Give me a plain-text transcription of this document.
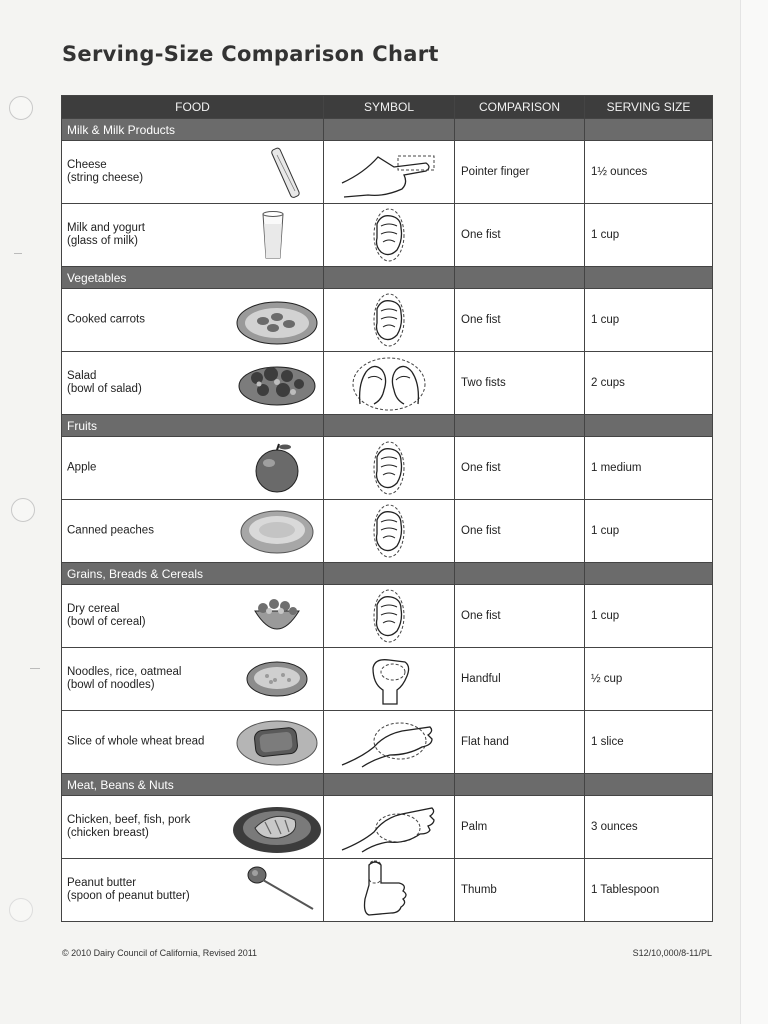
Serving-Size Comparison Chart
FOOD	SYMBOL	COMPARISON	SERVING SIZE
Milk & Milk Products			

Cheese
(string cheese)		Pointer finger	1½ ounces

Milk and yogurt
(glass of milk)		One fist	1 cup
Vegetables			

Cooked carrots		One fist	1 cup

Salad
(bowl of salad)		Two fists	2 cups
Fruits			

Apple		One fist	1 medium

Canned peaches		One fist	1 cup
Grains, Breads & Cereals			

Dry cereal
(bowl of cereal)		One fist	1 cup

Noodles, rice, oatmeal
(bowl of noodles)		Handful	½ cup

Slice of whole wheat bread		Flat hand	1 slice
Meat, Beans & Nuts			

Chicken, beef, fish, pork
(chicken breast)		Palm	3 ounces

Peanut butter
(spoon of peanut butter)		Thumb	1 Tablespoon
© 2010 Dairy Council of California, Revised 2011	S12/10,000/8-11/PL
